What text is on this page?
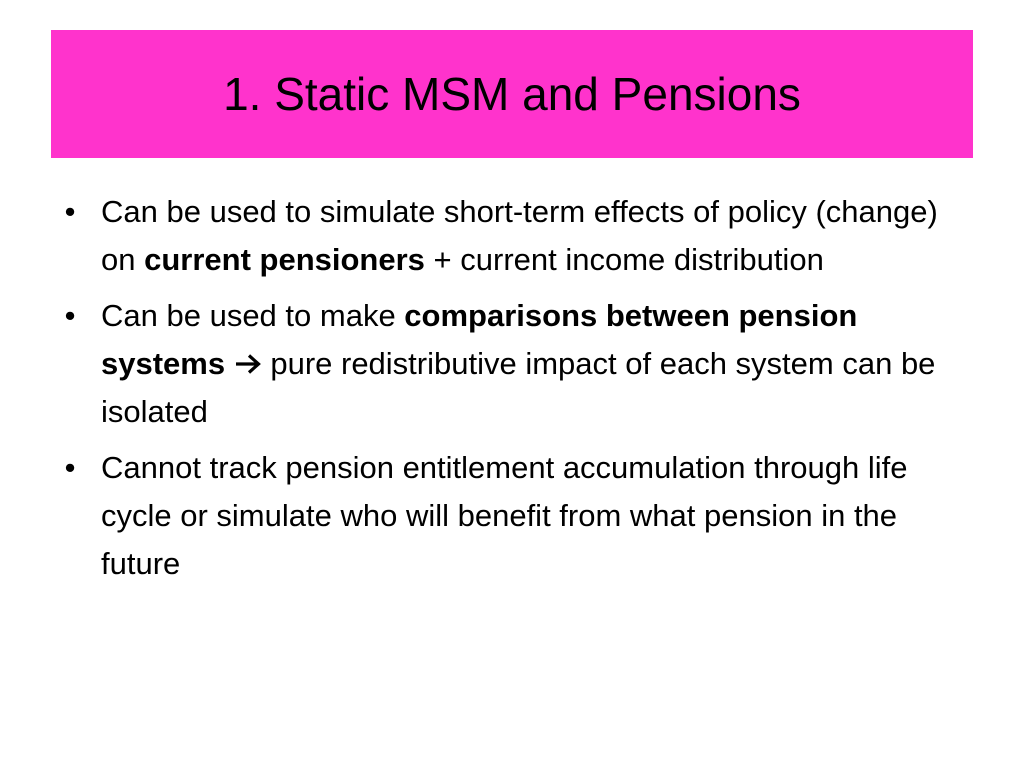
1. Static MSM and Pensions
• Can be used to simulate short-term effects of policy (change) on current pensioners + current income distribution
• Can be used to make comparisons between pension systems  pure redistributive impact of each system can be isolated
• Cannot track pension entitlement accumulation through life cycle or simulate who will benefit from what pension in the future
